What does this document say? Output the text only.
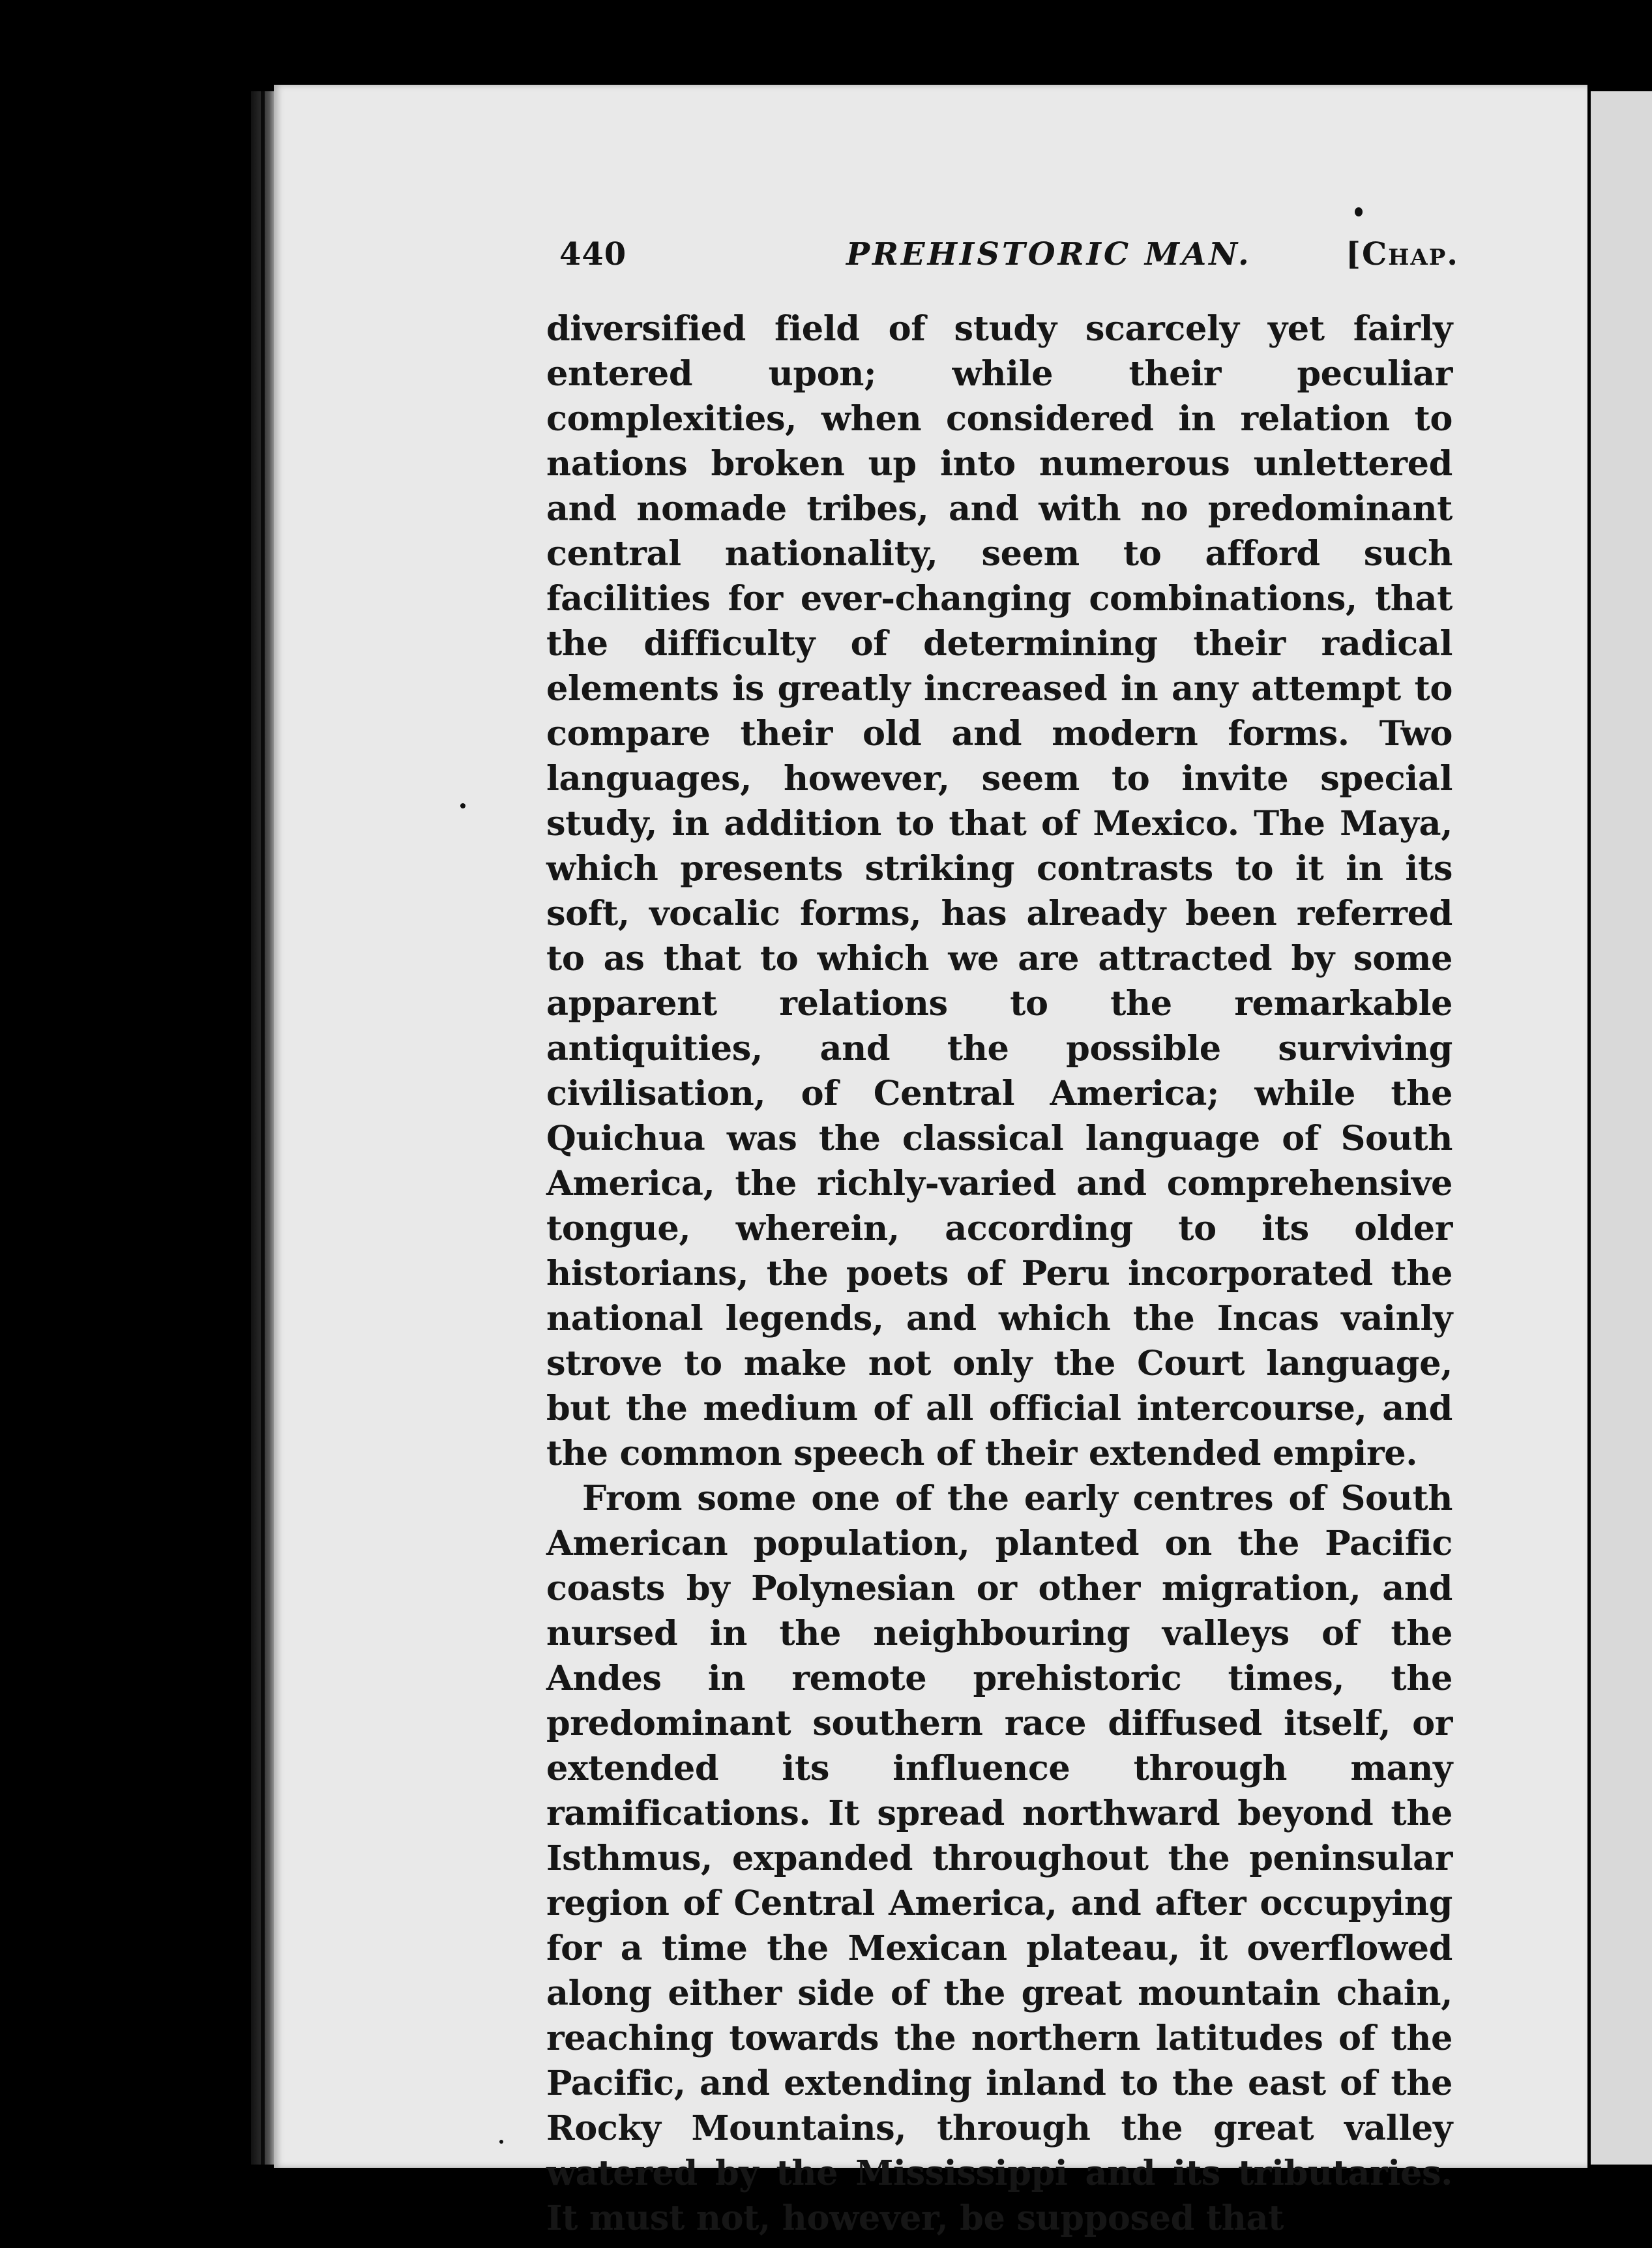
440	PREHISTORIC MAN.	[Chap.

diversified field of study scarcely yet fairly entered upon; while their peculiar complexities, when considered in relation to nations broken up into numerous unlettered and nomade tribes, and with no predominant central nationality, seem to afford such facilities for ever-changing combinations, that the difficulty of determining their radical elements is greatly increased in any attempt to compare their old and modern forms. Two languages, however, seem to invite special study, in addition to that of Mexico. The Maya, which presents striking contrasts to it in its soft, vocalic forms, has already been referred to as that to which we are attracted by some apparent relations to the remarkable antiquities, and the possible surviving civilisation, of Central America; while the Quichua was the classical language of South America, the richly-varied and comprehensive tongue, wherein, according to its older historians, the poets of Peru incorporated the national legends, and which the Incas vainly strove to make not only the Court language, but the medium of all official intercourse, and the common speech of their extended empire.

From some one of the early centres of South American population, planted on the Pacific coasts by Polynesian or other migration, and nursed in the neighbouring valleys of the Andes in remote prehistoric times, the predominant southern race diffused itself, or extended its influence through many ramifications. It spread northward beyond the Isthmus, expanded throughout the peninsular region of Central America, and after occupying for a time the Mexican plateau, it overflowed along either side of the great mountain chain, reaching towards the northern latitudes of the Pacific, and extending inland to the east of the Rocky Mountains, through the great valley watered by the Mississippi and its tributaries. It must not, however, be supposed that
